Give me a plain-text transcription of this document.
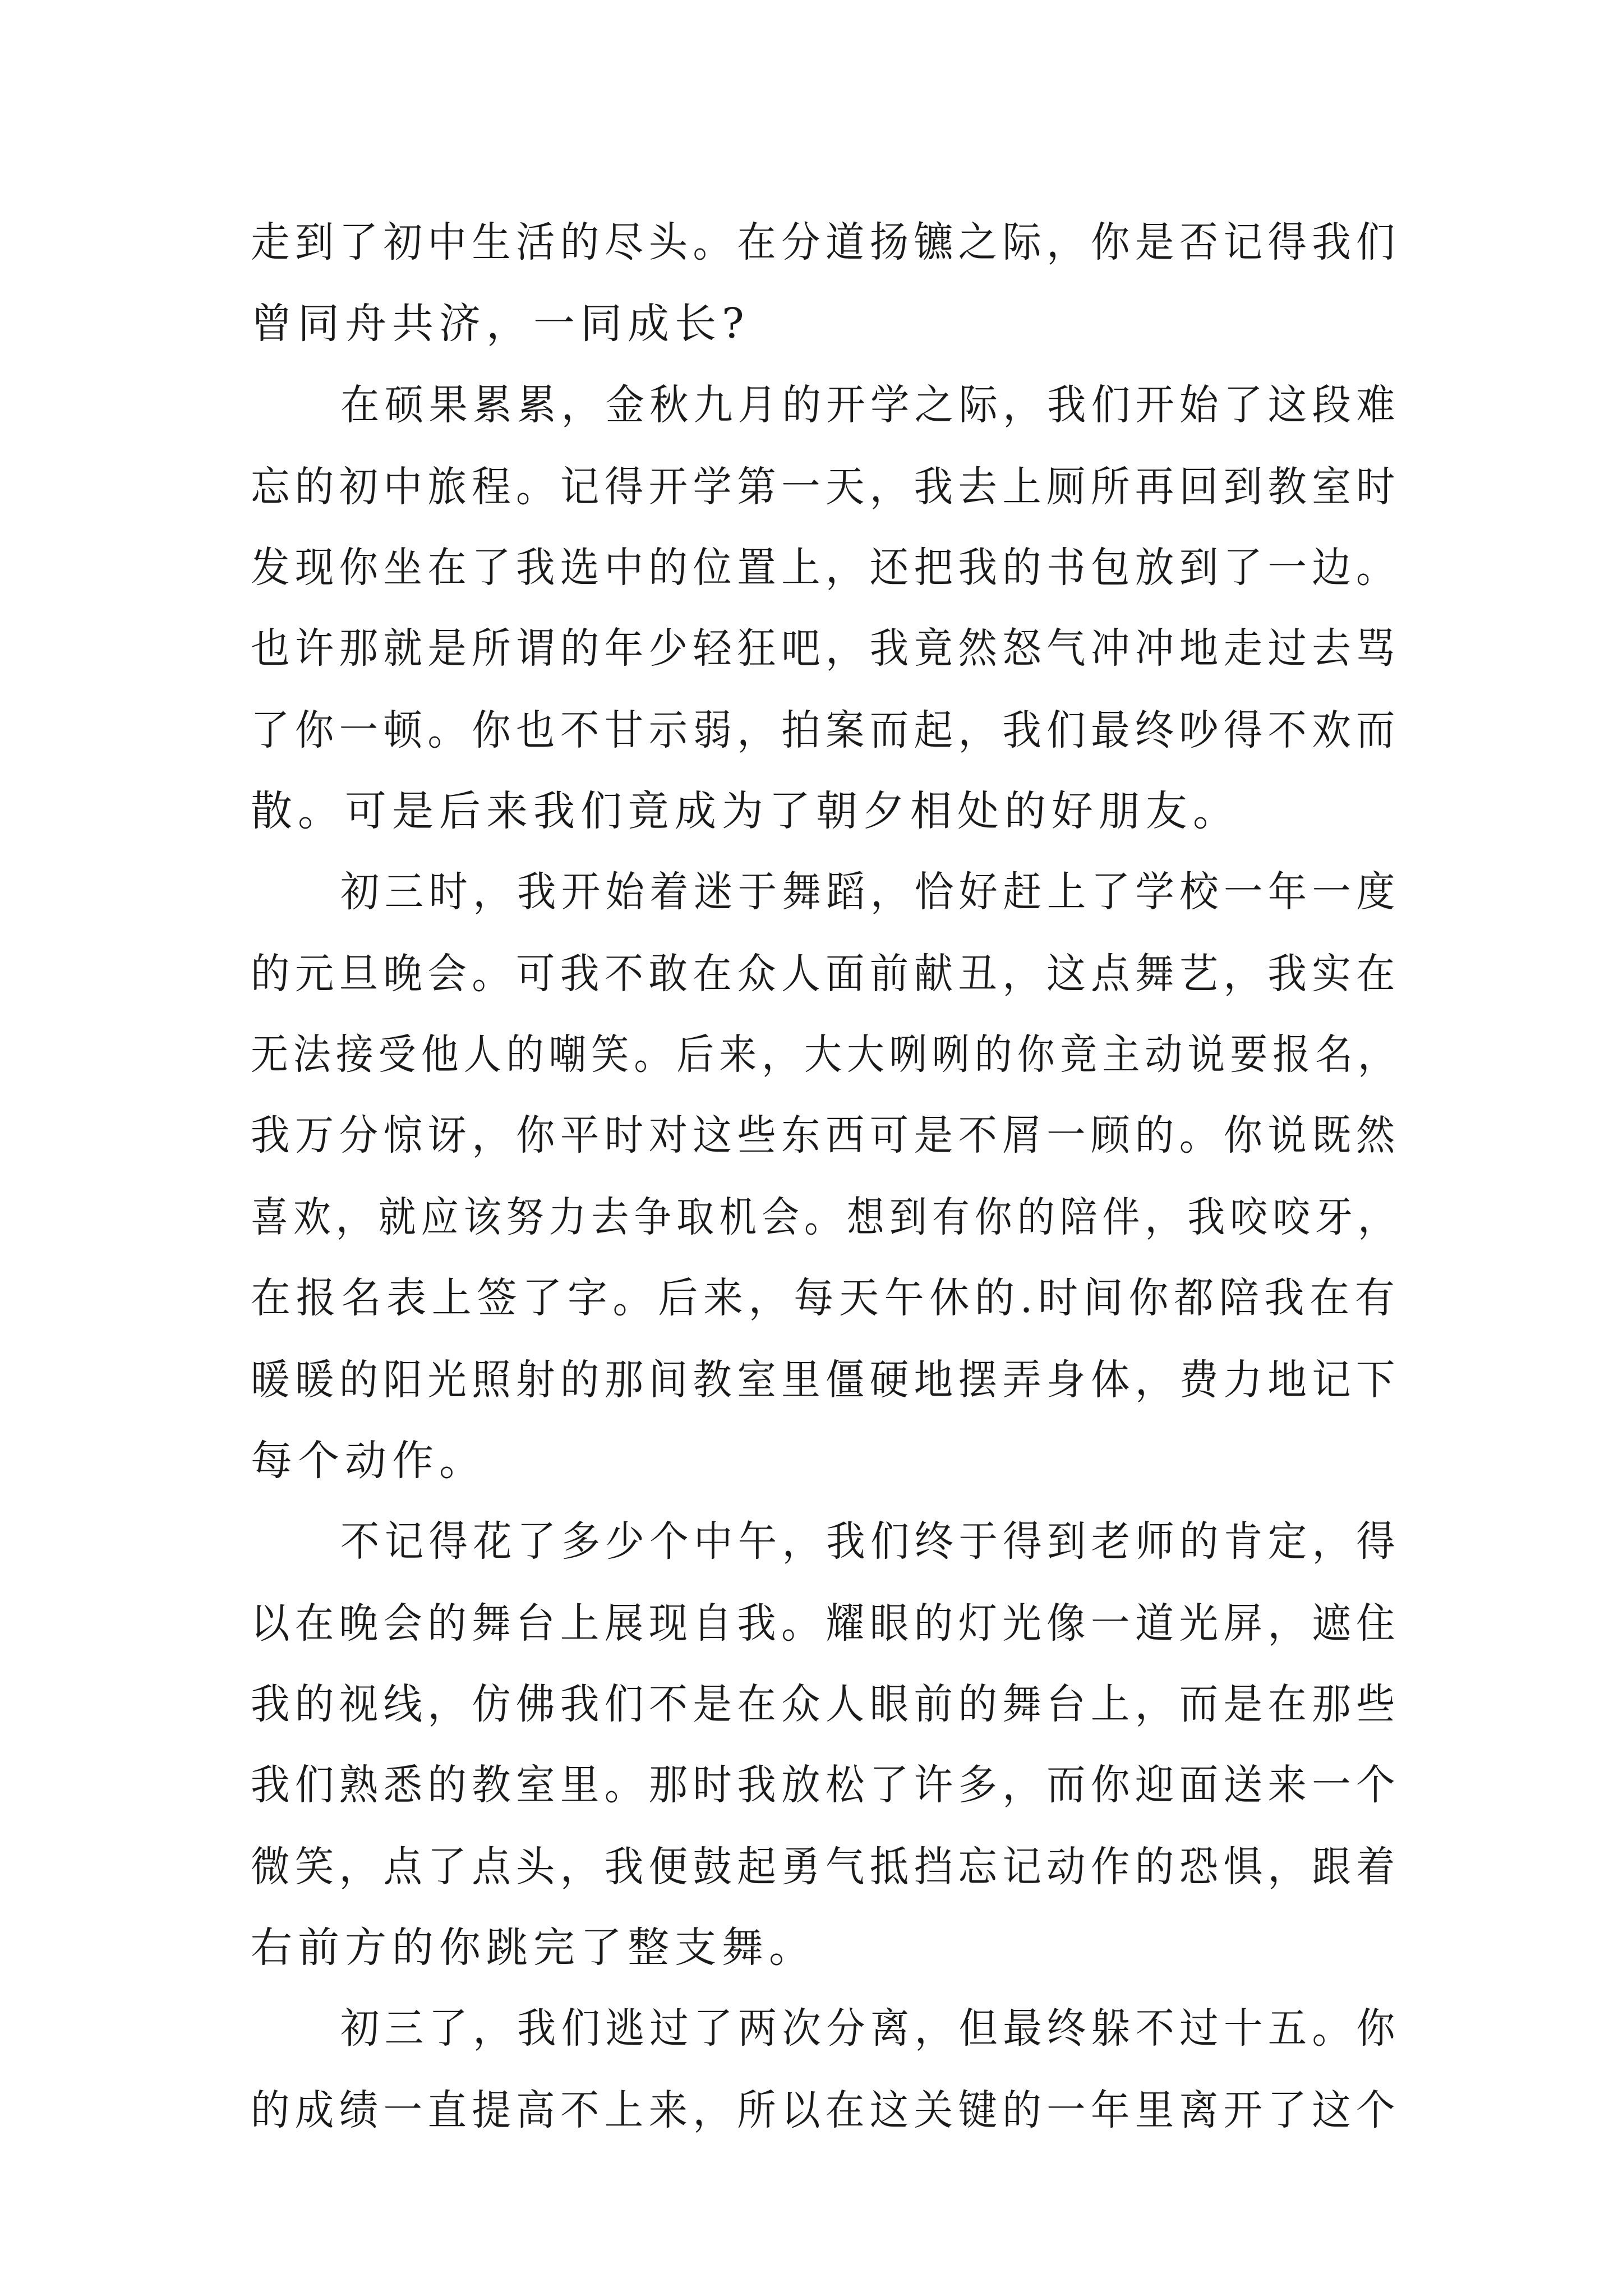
走到了初中生活的尽头。在分道扬镳之际，你是否记得我们
曾同舟共济，一同成长?
在硕果累累，金秋九月的开学之际，我们开始了这段难
忘的初中旅程。记得开学第一天，我去上厕所再回到教室时
发现你坐在了我选中的位置上，还把我的书包放到了一边。
也许那就是所谓的年少轻狂吧，我竟然怒气冲冲地走过去骂
了你一顿。你也不甘示弱，拍案而起，我们最终吵得不欢而
散。可是后来我们竟成为了朝夕相处的好朋友。
初三时，我开始着迷于舞蹈，恰好赶上了学校一年一度
的元旦晚会。可我不敢在众人面前献丑，这点舞艺，我实在
无法接受他人的嘲笑。后来，大大咧咧的你竟主动说要报名，
我万分惊讶，你平时对这些东西可是不屑一顾的。你说既然
喜欢，就应该努力去争取机会。想到有你的陪伴，我咬咬牙，
在报名表上签了字。后来，每天午休的.时间你都陪我在有
暖暖的阳光照射的那间教室里僵硬地摆弄身体，费力地记下
每个动作。
不记得花了多少个中午，我们终于得到老师的肯定，得
以在晚会的舞台上展现自我。耀眼的灯光像一道光屏，遮住
我的视线，仿佛我们不是在众人眼前的舞台上，而是在那些
我们熟悉的教室里。那时我放松了许多，而你迎面送来一个
微笑，点了点头，我便鼓起勇气抵挡忘记动作的恐惧，跟着
右前方的你跳完了整支舞。
初三了，我们逃过了两次分离，但最终躲不过十五。你
的成绩一直提高不上来，所以在这关键的一年里离开了这个
